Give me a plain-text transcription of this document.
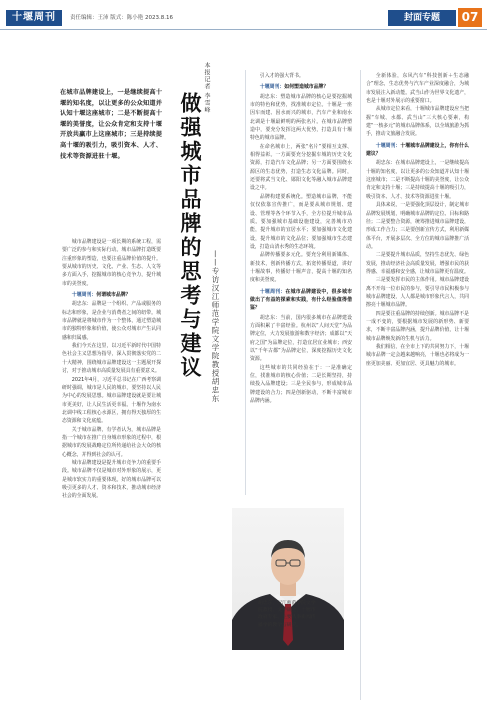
十堰周刊	责任编辑：王沛 版式：陈小艳 2023.8.16	封面专题	07
在城市品牌建设上，一是继续提高十堰的知名度，以让更多的公众知道并认知十堰这座城市；二是不断提高十堰的美誉度，让公众肯定和支持十堰开放共赢市上这座城市；三是持续提高十堰的吸引力，吸引资本、人才、技术等资源进驻十堰。
本报记者 李雪峰
做强城市品牌的思考与建议 ——专访汉江师范学院文学院教授胡忠东

城市品牌建设是一项长期的系统工程，需要广泛的参与和实际行动。城市品牌打造既要注重形象的塑造，也要注重品牌价值的提升。要从城市的历史、文化、产业、生态、人文等多方面入手，挖掘城市的核心竞争力，提升城市的美誉度。

十堰周刊：何谓城市品牌？

胡忠东：品牌是一个组织、产品或服务的标志和形象，是企业与消费者之间的纽带。城市品牌就是将城市作为一个整体，通过塑造城市的独特形象和价值，使公众对城市产生认同感和归属感。

我们今天在这里，以习近平新时代中国特色社会主义思想为指导，深入贯彻落实党的二十大精神，围绕城市品牌建设这一主题展开探讨，对于推动城市高质量发展具有重要意义。

2021年4月，习近平总书记在广西考察调研时强调，城市是人民的城市，要坚持以人民为中心的发展思想。城市品牌建设就是要让城市更美好，让人民生活更幸福。十堰作为南水北调中线工程核心水源区，拥有得天独厚的生态资源和文化底蕴。

关于城市品牌，有学者认为，城市品牌是指一个城市在推广自身城市形象的过程中，根据城市的发展战略定位所传递给社会大众的核心概念，并得到社会的认可。

城市品牌建设是提升城市竞争力的重要手段。城市品牌不仅是城市对外形象的展示，更是城市软实力的重要体现。好的城市品牌可以吸引更多的人才、资本和技术，推动城市经济社会的全面发展。

引入才的强大背书。

十堰周刊：如何塑造城市品牌？

胡忠东：塑造城市品牌的核心是要挖掘城市的特色和优势，找准城市定位。十堰是一座因车而建、因水而兴的城市，汽车产业和南水北调是十堰最鲜明的两张名片。在城市品牌塑造中，要充分发挥这两大优势，打造具有十堰特色的城市品牌。

在命名城市上，两张“名片”要相互支撑、相得益彰。一方面要充分挖掘车城的历史文化资源，打造汽车文化品牌；另一方面要围绕水源区的生态优势，打造生态文化品牌。同时，还要将武当文化、郧阳文化等融入城市品牌建设之中。

品牌构建要系统化。塑造城市品牌，不能仅仅依靠宣传推广，而是要从城市规划、建设、管理等各个环节入手，全方位提升城市品质。要加强城市基础设施建设，完善城市功能，提升城市的宜居水平；要加强城市文化建设，提升城市的文化品位；要加强城市生态建设，打造山清水秀的生态环境。

品牌传播要多元化。要充分利用新媒体、新技术，创新传播方式，拓宽传播渠道，讲好十堰故事，传播好十堰声音，提高十堰的知名度和美誉度。

十堰周刊：在城市品牌建设中，很多城市做出了有益的探索和实践，有什么经验值得借鉴？

胡忠东：当前，国内很多城市在品牌建设方面积累了丰富经验。杭州以“人间天堂”为品牌定位，大力发展旅游和数字经济；成都以“天府之国”为品牌定位，打造宜居宜业城市；西安以“千年古都”为品牌定位，深度挖掘历史文化资源。

这些城市的共同经验在于：一是准确定位，找准城市的核心价值；二是长期坚持，持续投入品牌建设；三是全民参与，形成城市品牌建设的合力；四是创新驱动，不断丰富城市品牌内涵。

全新体验，东风汽车“科技创新＋生态融合”理念，生态优势与汽车产业深度融合，为城市发展注入新动能。武当山作为世界文化遗产，也是十堰对外展示的重要窗口。

从城市定位来看，十堰城市品牌建设应当把握“车城、水都、武当山”三大核心要素，构建“一核多元”的城市品牌体系，以全域旅游为抓手，推动文旅融合发展。

十堰周刊：十堰城市品牌建设上，你有什么建议？

胡忠东：在城市品牌建设上，一是继续提高十堰的知名度，以让更多的公众知道并认知十堰这座城市；二是不断提高十堰的美誉度，让公众肯定和支持十堰；三是持续提高十堰的吸引力，吸引资本、人才、技术等资源进驻十堰。

具体来说，一是要强化顶层设计，制定城市品牌发展规划，明确城市品牌的定位、目标和路径；二是要整合资源，统筹推进城市品牌建设，形成工作合力；三是要创新宣传方式，利用新媒体平台，开展多层次、全方位的城市品牌推广活动。

二是要提升城市品质，坚持生态优先、绿色发展，推动经济社会高质量发展，增强市民的获得感、幸福感和安全感，让城市品牌更有温度。

三是要发挥市民的主体作用。城市品牌建设离不开每一位市民的参与，要引导市民积极参与城市品牌建设，人人都是城市形象代言人，共同擦亮十堰城市品牌。

四是要注重品牌的持续创新。城市品牌不是一成不变的，要根据城市发展的新形势、新要求，不断丰富品牌内涵，提升品牌价值，让十堰城市品牌焕发新的生机与活力。

我们相信，在全市上下的共同努力下，十堰城市品牌一定会越来越响亮，十堰也必将成为一座更加美丽、更加宜居、更具魅力的城市。

胡忠东，汉江师范学院文学院教授，文学硕士，十堰市政府专家，主要从事新闻传播学的教学与研究。
